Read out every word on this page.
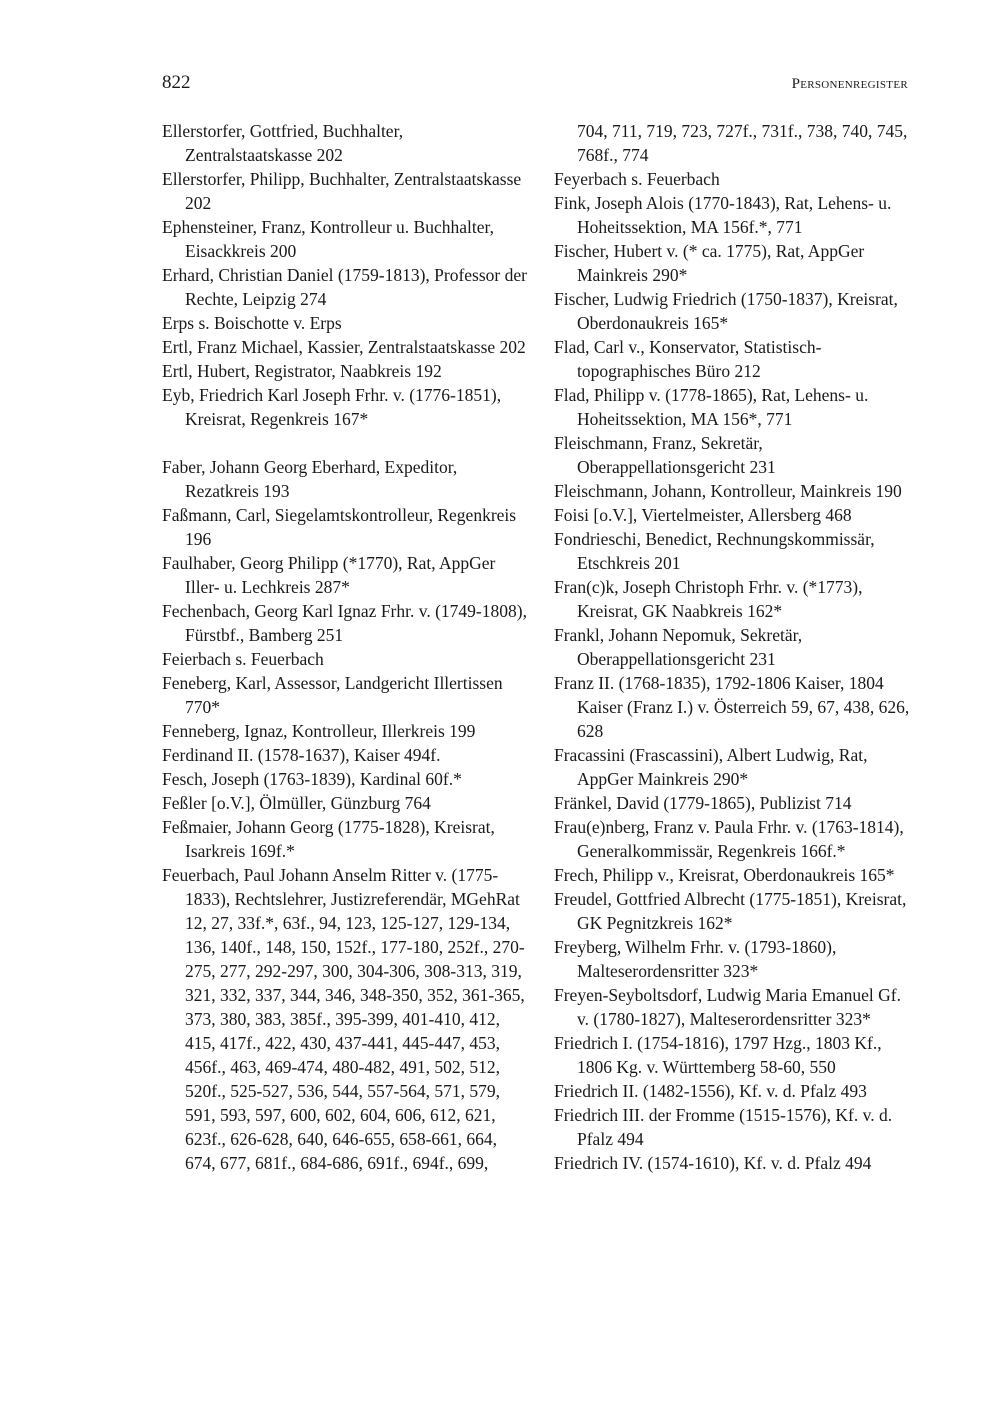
822	Personenregister

Ellerstorfer, Gottfried, Buchhalter, Zentralstaatskasse 202

Ellerstorfer, Philipp, Buchhalter, Zentralstaatskasse 202

Ephensteiner, Franz, Kontrolleur u. Buchhalter, Eisackkreis 200

Erhard, Christian Daniel (1759-1813), Professor der Rechte, Leipzig 274

Erps s. Boischotte v. Erps

Ertl, Franz Michael, Kassier, Zentralstaatskasse 202

Ertl, Hubert, Registrator, Naabkreis 192

Eyb, Friedrich Karl Joseph Frhr. v. (1776-1851), Kreisrat, Regenkreis 167*

Faber, Johann Georg Eberhard, Expeditor, Rezatkreis 193

Faßmann, Carl, Siegelamtskontrolleur, Regenkreis 196

Faulhaber, Georg Philipp (*1770), Rat, AppGer Iller- u. Lechkreis 287*

Fechenbach, Georg Karl Ignaz Frhr. v. (1749-1808), Fürstbf., Bamberg 251

Feierbach s. Feuerbach

Feneberg, Karl, Assessor, Landgericht Illertissen 770*

Fenneberg, Ignaz, Kontrolleur, Illerkreis 199

Ferdinand II. (1578-1637), Kaiser 494f.

Fesch, Joseph (1763-1839), Kardinal 60f.*

Feßler [o.V.], Ölmüller, Günzburg 764

Feßmaier, Johann Georg (1775-1828), Kreisrat, Isarkreis 169f.*

Feuerbach, Paul Johann Anselm Ritter v. (1775-1833), Rechtslehrer, Justizreferendär, MGehRat 12, 27, 33f.*, 63f., 94, 123, 125-127, 129-134, 136, 140f., 148, 150, 152f., 177-180, 252f., 270-275, 277, 292-297, 300, 304-306, 308-313, 319, 321, 332, 337, 344, 346, 348-350, 352, 361-365, 373, 380, 383, 385f., 395-399, 401-410, 412, 415, 417f., 422, 430, 437-441, 445-447, 453, 456f., 463, 469-474, 480-482, 491, 502, 512, 520f., 525-527, 536, 544, 557-564, 571, 579, 591, 593, 597, 600, 602, 604, 606, 612, 621, 623f., 626-628, 640, 646-655, 658-661, 664, 674, 677, 681f., 684-686, 691f., 694f., 699,

704, 711, 719, 723, 727f., 731f., 738, 740, 745, 768f., 774

Feyerbach s. Feuerbach

Fink, Joseph Alois (1770-1843), Rat, Lehens- u. Hoheitssektion, MA 156f.*, 771

Fischer, Hubert v. (* ca. 1775), Rat, AppGer Mainkreis 290*

Fischer, Ludwig Friedrich (1750-1837), Kreisrat, Oberdonaukreis 165*

Flad, Carl v., Konservator, Statistisch-topographisches Büro 212

Flad, Philipp v. (1778-1865), Rat, Lehens- u. Hoheitssektion, MA 156*, 771

Fleischmann, Franz, Sekretär, Oberappellationsgericht 231

Fleischmann, Johann, Kontrolleur, Mainkreis 190

Foisi [o.V.], Viertelmeister, Allersberg 468

Fondrieschi, Benedict, Rechnungskommissär, Etschkreis 201

Fran(c)k, Joseph Christoph Frhr. v. (*1773), Kreisrat, GK Naabkreis 162*

Frankl, Johann Nepomuk, Sekretär, Oberappellationsgericht 231

Franz II. (1768-1835), 1792-1806 Kaiser, 1804 Kaiser (Franz I.) v. Österreich 59, 67, 438, 626, 628

Fracassini (Frascassini), Albert Ludwig, Rat, AppGer Mainkreis 290*

Fränkel, David (1779-1865), Publizist 714

Frau(e)nberg, Franz v. Paula Frhr. v. (1763-1814), Generalkommissär, Regenkreis 166f.*

Frech, Philipp v., Kreisrat, Oberdonaukreis 165*

Freudel, Gottfried Albrecht (1775-1851), Kreisrat, GK Pegnitzkreis 162*

Freyberg, Wilhelm Frhr. v. (1793-1860), Malteserordensritter 323*

Freyen-Seyboltsdorf, Ludwig Maria Emanuel Gf. v. (1780-1827), Malteserordensritter 323*

Friedrich I. (1754-1816), 1797 Hzg., 1803 Kf., 1806 Kg. v. Württemberg 58-60, 550

Friedrich II. (1482-1556), Kf. v. d. Pfalz 493

Friedrich III. der Fromme (1515-1576), Kf. v. d. Pfalz 494

Friedrich IV. (1574-1610), Kf. v. d. Pfalz 494
